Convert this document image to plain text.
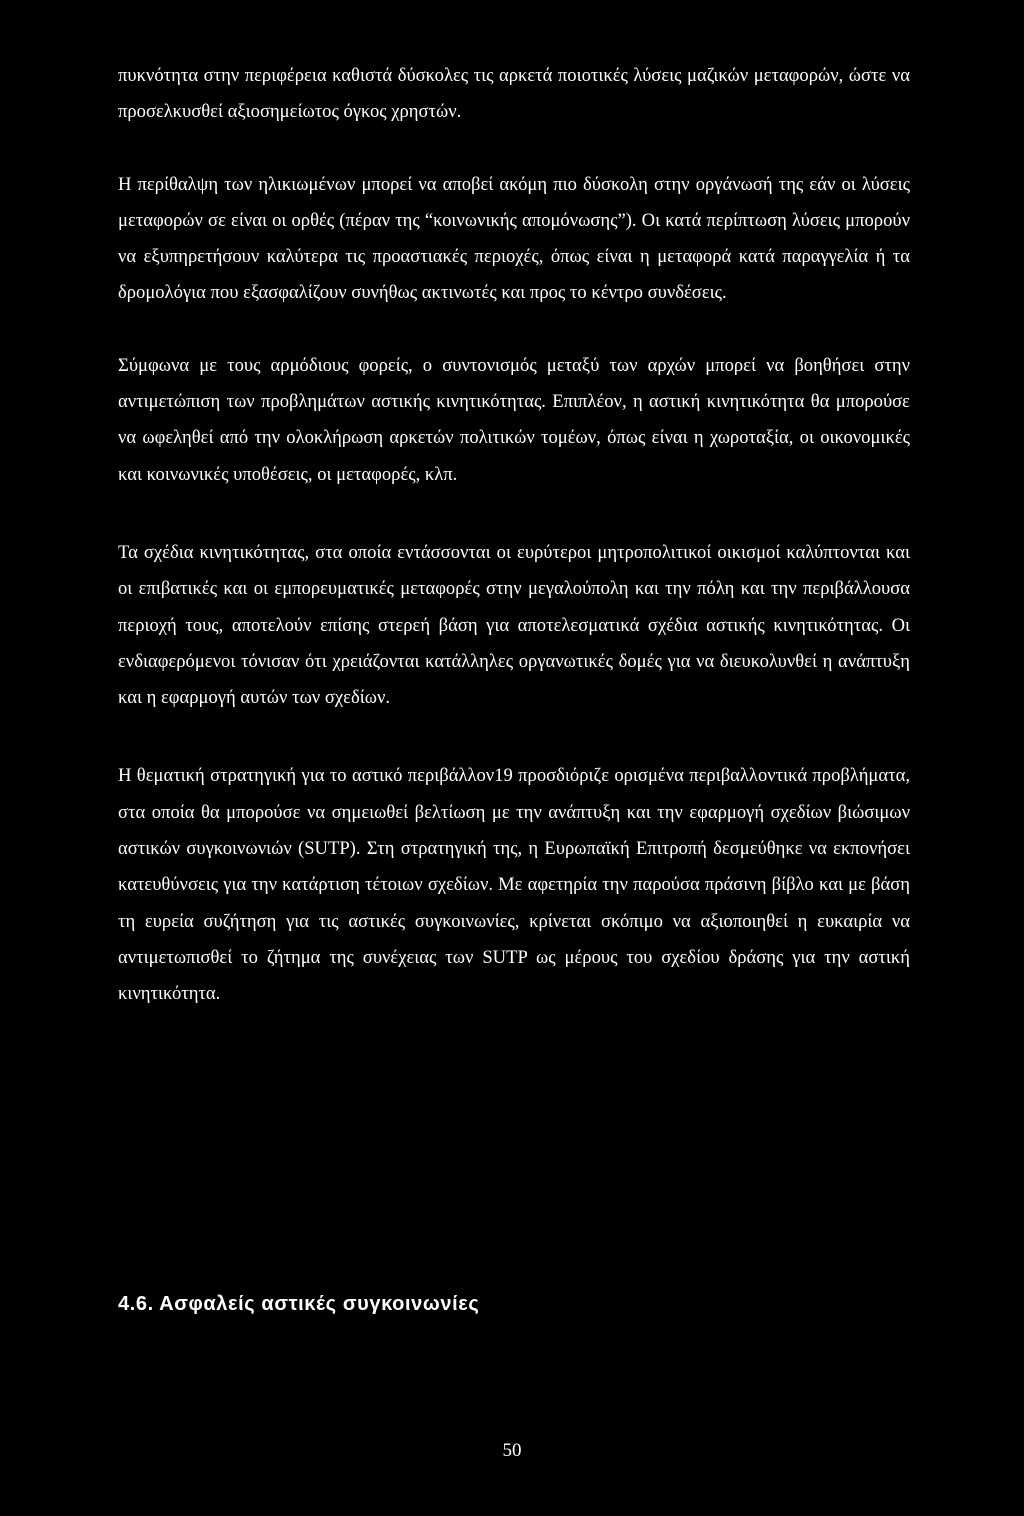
πυκνότητα στην περιφέρεια καθιστά δύσκολες τις αρκετά ποιοτικές λύσεις μαζικών μεταφορών, ώστε να προσελκυσθεί αξιοσημείωτος όγκος χρηστών.

Η περίθαλψη των ηλικιωμένων μπορεί να αποβεί ακόμη πιο δύσκολη στην οργάνωσή της εάν οι λύσεις μεταφορών σε είναι οι ορθές (πέραν της “κοινωνικής απομόνωσης”). Οι κατά περίπτωση λύσεις μπορούν να εξυπηρετήσουν καλύτερα τις προαστιακές περιοχές, όπως είναι η μεταφορά κατά παραγγελία ή τα δρομολόγια που εξασφαλίζουν συνήθως ακτινωτές και προς το κέντρο συνδέσεις.

Σύμφωνα με τους αρμόδιους φορείς, ο συντονισμός μεταξύ των αρχών μπορεί να βοηθήσει στην αντιμετώπιση των προβλημάτων αστικής κινητικότητας. Επιπλέον, η αστική κινητικότητα θα μπορούσε να ωφεληθεί από την ολοκλήρωση αρκετών πολιτικών τομέων, όπως είναι η χωροταξία, οι οικονομικές και κοινωνικές υποθέσεις, οι μεταφορές, κλπ.

Τα σχέδια κινητικότητας, στα οποία εντάσσονται οι ευρύτεροι μητροπολιτικοί οικισμοί καλύπτονται και οι επιβατικές και οι εμπορευματικές μεταφορές στην μεγαλούπολη και την πόλη και την περιβάλλουσα περιοχή τους, αποτελούν επίσης στερεή βάση για αποτελεσματικά σχέδια αστικής κινητικότητας. Οι ενδιαφερόμενοι τόνισαν ότι χρειάζονται κατάλληλες οργανωτικές δομές για να διευκολυνθεί η ανάπτυξη και η εφαρμογή αυτών των σχεδίων.

Η θεματική στρατηγική για το αστικό περιβάλλον19 προσδιόριζε ορισμένα περιβαλλοντικά προβλήματα, στα οποία θα μπορούσε να σημειωθεί βελτίωση με την ανάπτυξη και την εφαρμογή σχεδίων βιώσιμων αστικών συγκοινωνιών (SUTP). Στη στρατηγική της, η Ευρωπαϊκή Επιτροπή δεσμεύθηκε να εκπονήσει κατευθύνσεις για την κατάρτιση τέτοιων σχεδίων. Με αφετηρία την παρούσα πράσινη βίβλο και με βάση τη ευρεία συζήτηση για τις αστικές συγκοινωνίες, κρίνεται σκόπιμο να αξιοποιηθεί η ευκαιρία να αντιμετωπισθεί το ζήτημα της συνέχειας των SUTP ως μέρους του σχεδίου δράσης για την αστική κινητικότητα.

4.6. Ασφαλείς αστικές συγκοινωνίες
50
